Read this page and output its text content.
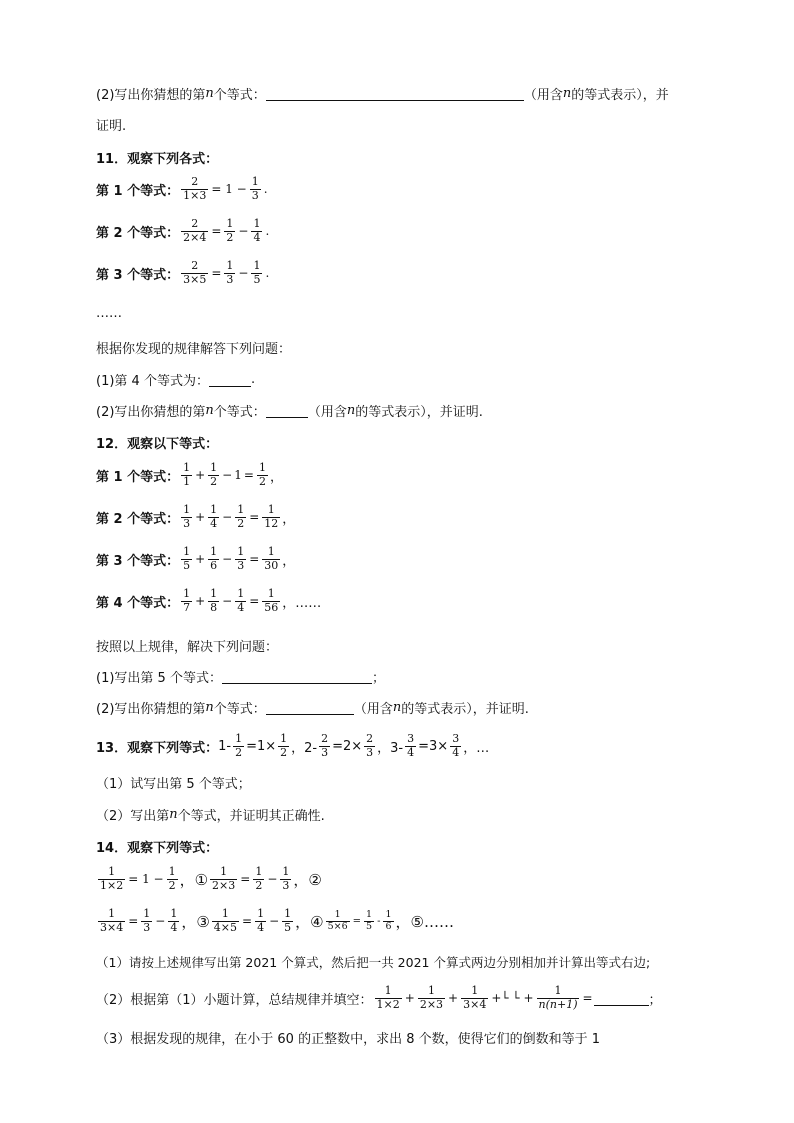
(2)写出你猜想的第 n 个等式：	（用含 n 的等式表示），并
证明.
11．观察下列各式：
第 1 个等式： $\frac{2}{1\times 3} = 1 - \frac{1}{3}$ .
第 2 个等式： $\frac{2}{2\times 4} = \frac{1}{2} - \frac{1}{4}$ .
第 3 个等式： $\frac{2}{3\times 5} = \frac{1}{3} - \frac{1}{5}$ .
……
根据你发现的规律解答下列问题：
(1)第 4 个等式为：	.
(2)写出你猜想的第 n 个等式：	（用含 n 的等式表示），并证明.
12．观察以下等式：
第 1 个等式： $\frac{1}{1} + \frac{1}{2} - 1 = \frac{1}{2}$ ，
第 2 个等式： $\frac{1}{3} + \frac{1}{4} - \frac{1}{2} = \frac{1}{12}$ ，
第 3 个等式： $\frac{1}{5} + \frac{1}{6} - \frac{1}{3} = \frac{1}{30}$ ，
第 4 个等式： $\frac{1}{7} + \frac{1}{8} - \frac{1}{4} = \frac{1}{56}$ ，……
按照以上规律，解决下列问题：
(1)写出第 5 个等式：	；
(2)写出你猜想的第 n 个等式：	（用含 n 的等式表示），并证明.
13．观察下列等式： $1- \frac{1}{2} =1\times \frac{1}{2}$ ，$2- \frac{2}{3} =2\times \frac{2}{3}$ ，$3- \frac{3}{4} =3\times \frac{3}{4}$ ，…
（1）试写出第 5 个等式；
（2）写出第 n 个等式，并证明其正确性.
14．观察下列等式：
$\frac{1}{1\times 2} = 1 - \frac{1}{2}$ ，① $\frac{1}{2\times 3} = \frac{1}{2} - \frac{1}{3}$ ，②
$\frac{1}{3\times 4} = \frac{1}{3} - \frac{1}{4}$ ，③ $\frac{1}{4\times 5} = \frac{1}{4} - \frac{1}{5}$ ，④ $\frac{1}{5\times 6} = \frac{1}{5} - \frac{1}{6}$ ，⑤……
（1）请按上述规律写出第 2021 个算式，然后把一共 2021 个算式两边分别相加并计算出等式右边;
（2）根据第（1）小题计算，总结规律并填空： $\frac{1}{1\times 2} + \frac{1}{2\times 3} + \frac{1}{3\times 4}$ +└ └ + $\frac{1}{n(n+1)}$ =	；
（3）根据发现的规律，在小于 60 的正整数中，求出 8 个数，使得它们的倒数和等于 1
